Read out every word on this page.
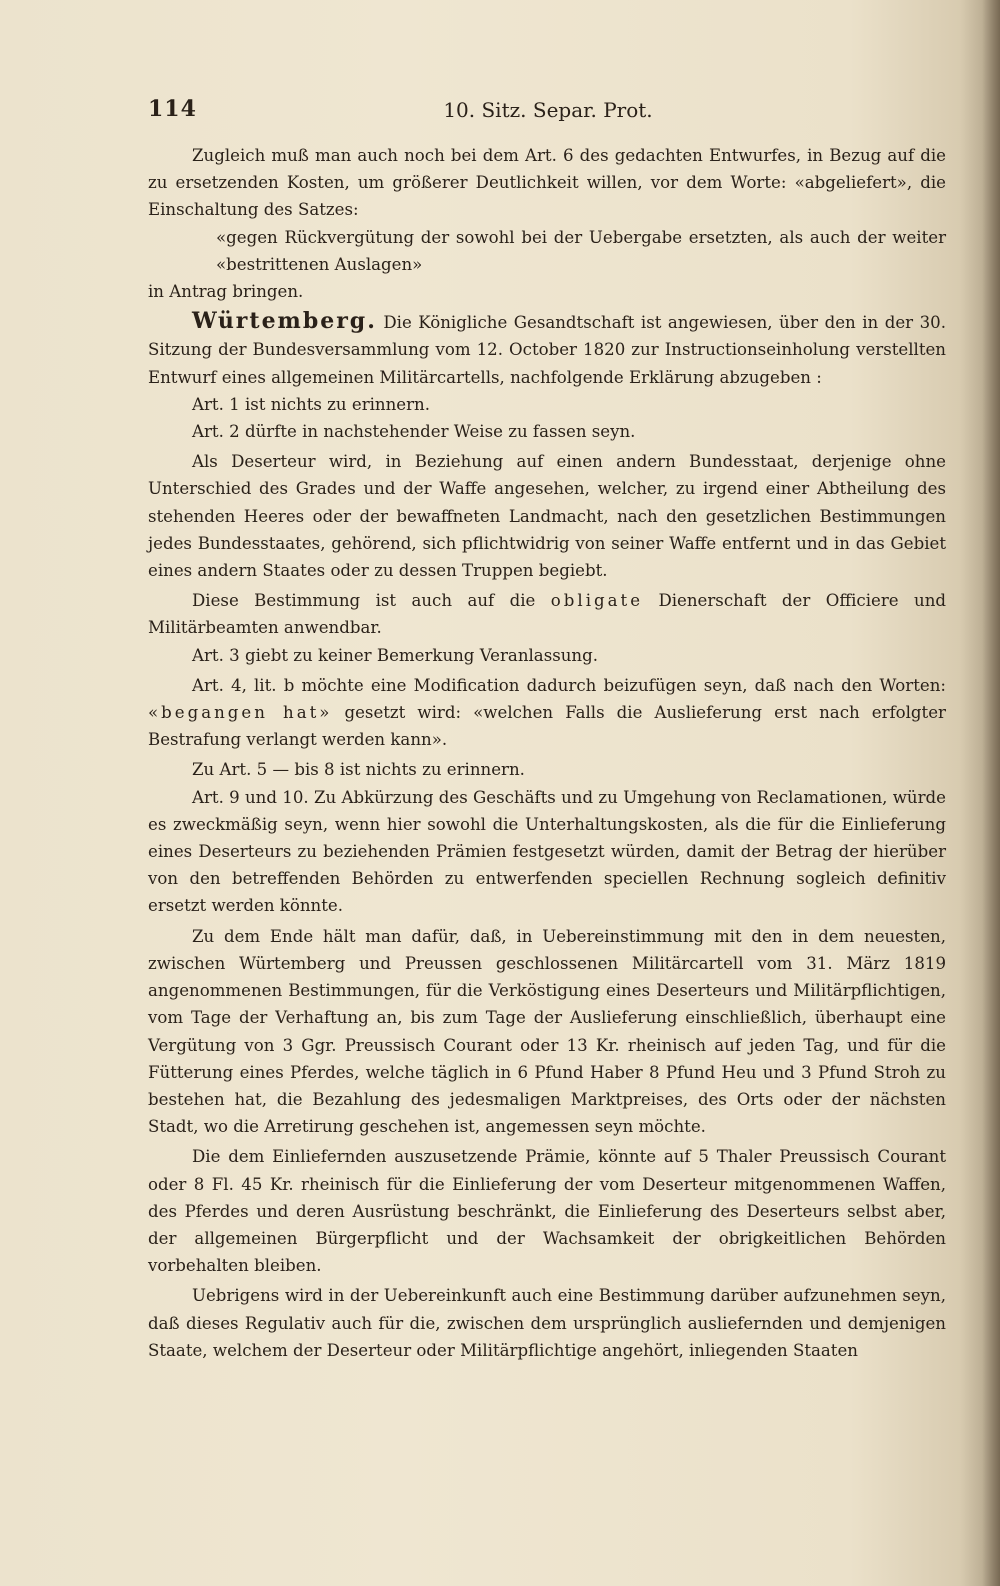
114	10. Sitz. Separ. Prot.

Zugleich muß man auch noch bei dem Art. 6 des gedachten Entwurfes, in Bezug auf die zu ersetzenden Kosten, um größerer Deutlichkeit willen, vor dem Worte: «abgeliefert», die Einschaltung des Satzes:

«gegen Rückvergütung der sowohl bei der Uebergabe ersetzten, als auch der weiter «bestrittenen Auslagen»

in Antrag bringen.

Würtemberg. Die Königliche Gesandtschaft ist angewiesen, über den in der 30. Sitzung der Bundesversammlung vom 12. October 1820 zur Instructionseinholung verstellten Entwurf eines allgemeinen Militärcartells, nachfolgende Erklärung abzugeben :

Art. 1 ist nichts zu erinnern.

Art. 2 dürfte in nachstehender Weise zu fassen seyn.

Als Deserteur wird, in Beziehung auf einen andern Bundesstaat, derjenige ohne Unterschied des Grades und der Waffe angesehen, welcher, zu irgend einer Abtheilung des stehenden Heeres oder der bewaffneten Landmacht, nach den gesetzlichen Bestimmungen jedes Bundesstaates, gehörend, sich pflichtwidrig von seiner Waffe entfernt und in das Gebiet eines andern Staates oder zu dessen Truppen begiebt.

Diese Bestimmung ist auch auf die obligate Dienerschaft der Officiere und Militärbeamten anwendbar.

Art. 3 giebt zu keiner Bemerkung Veranlassung.

Art. 4, lit. b möchte eine Modification dadurch beizufügen seyn, daß nach den Worten: «begangen hat» gesetzt wird: «welchen Falls die Auslieferung erst nach erfolgter Bestrafung verlangt werden kann».

Zu Art. 5 — bis 8 ist nichts zu erinnern.

Art. 9 und 10. Zu Abkürzung des Geschäfts und zu Umgehung von Reclamationen, würde es zweckmäßig seyn, wenn hier sowohl die Unterhaltungskosten, als die für die Einlieferung eines Deserteurs zu beziehenden Prämien festgesetzt würden, damit der Betrag der hierüber von den betreffenden Behörden zu entwerfenden speciellen Rechnung sogleich definitiv ersetzt werden könnte.

Zu dem Ende hält man dafür, daß, in Uebereinstimmung mit den in dem neuesten, zwischen Würtemberg und Preussen geschlossenen Militärcartell vom 31. März 1819 angenommenen Bestimmungen, für die Verköstigung eines Deserteurs und Militärpflichtigen, vom Tage der Verhaftung an, bis zum Tage der Auslieferung einschließlich, überhaupt eine Vergütung von 3 Ggr. Preussisch Courant oder 13 Kr. rheinisch auf jeden Tag, und für die Fütterung eines Pferdes, welche täglich in 6 Pfund Haber 8 Pfund Heu und 3 Pfund Stroh zu bestehen hat, die Bezahlung des jedesmaligen Marktpreises, des Orts oder der nächsten Stadt, wo die Arretirung geschehen ist, angemessen seyn möchte.

Die dem Einliefernden auszusetzende Prämie, könnte auf 5 Thaler Preussisch Courant oder 8 Fl. 45 Kr. rheinisch für die Einlieferung der vom Deserteur mitgenommenen Waffen, des Pferdes und deren Ausrüstung beschränkt, die Einlieferung des Deserteurs selbst aber, der allgemeinen Bürgerpflicht und der Wachsamkeit der obrigkeitlichen Behörden vorbehalten bleiben.

Uebrigens wird in der Uebereinkunft auch eine Bestimmung darüber aufzunehmen seyn, daß dieses Regulativ auch für die, zwischen dem ursprünglich ausliefernden und demjenigen Staate, welchem der Deserteur oder Militärpflichtige angehört, inliegenden Staaten
